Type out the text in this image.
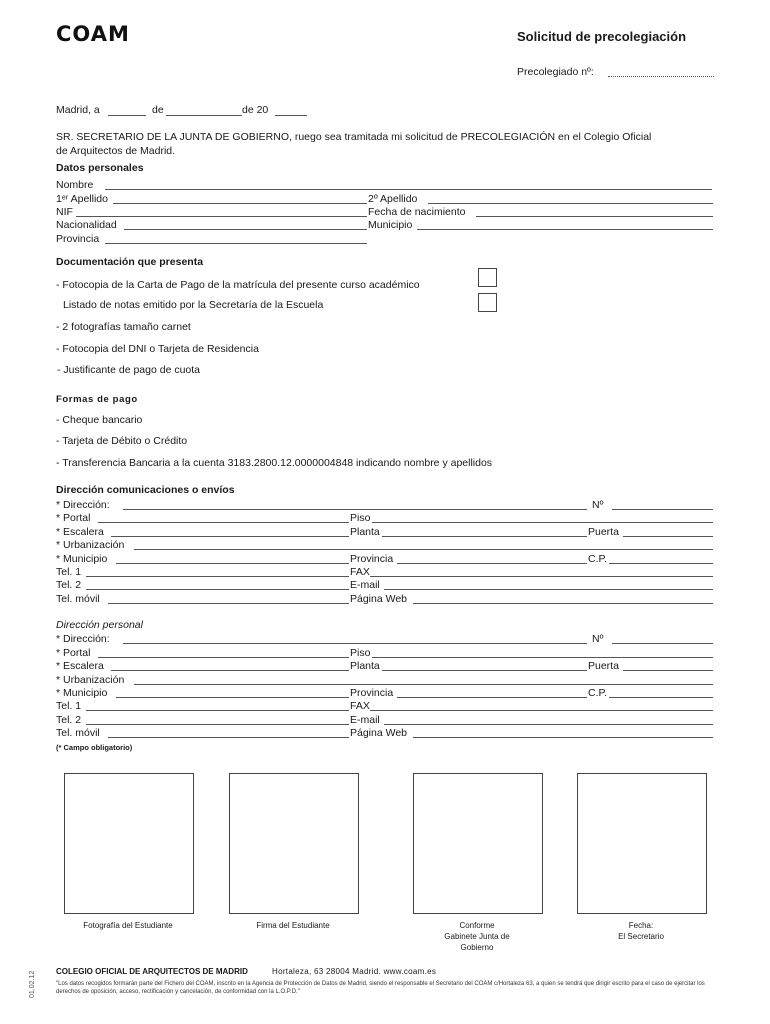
COAM	Solicitud de precolegiación
Precolegiado nº:
Madrid, a	de	de 20
SR. SECRETARIO DE LA JUNTA DE GOBIERNO, ruego sea tramitada mi solicitud de PRECOLEGIACIÓN en el Colegio Oficial
de Arquitectos de Madrid.
Datos personales
Nombre
1ᵉʳ Apellido	2º Apellido
NIF	Fecha de nacimiento
Nacionalidad	Municipio
Provincia
Documentación que presenta
- Fotocopia de la Carta de Pago de la matrícula del presente curso académico
Listado de notas emitido por la Secretaría de la Escuela
- 2 fotografías tamaño carnet
- Fotocopia del DNI o Tarjeta de Residencia
- Justificante de pago de cuota
Formas de pago
- Cheque bancario
- Tarjeta de Débito o Crédito
- Transferencia Bancaria a la cuenta 3183.2800.12.0000004848 indicando nombre y apellidos
Dirección comunicaciones o envíos
* Dirección:	Nº
* Portal	Piso
* Escalera	Planta	Puerta
* Urbanización
* Municipio	Provincia	C.P.
Tel. 1	FAX
Tel. 2	E-mail
Tel. móvil	Página Web
Dirección personal
* Dirección:	Nº
* Portal	Piso
* Escalera	Planta	Puerta
* Urbanización
* Municipio	Provincia	C.P.
Tel. 1	FAX
Tel. 2	E-mail
Tel. móvil	Página Web
(* Campo obligatorio)
Fotografía del Estudiante	Firma del Estudiante	Conforme
Gabinete Junta de
Gobierno
Fecha:
El Secretario
01.02.12	COLEGIO OFICIAL DE ARQUITECTOS DE MADRID	Hortaleza, 63 28004 Madrid. www.coam.es
"Los datos recogidos formarán parte del Fichero del COAM, inscrito en la Agencia de Protección de Datos de Madrid, siendo el responsable el Secretario del COAM c/Hortaleza 63, a quien se tendrá que dirigir escrito para el caso de ejercitar los derechos de oposición, acceso, rectificación y cancelación, de conformidad con la L.O.P.D."
